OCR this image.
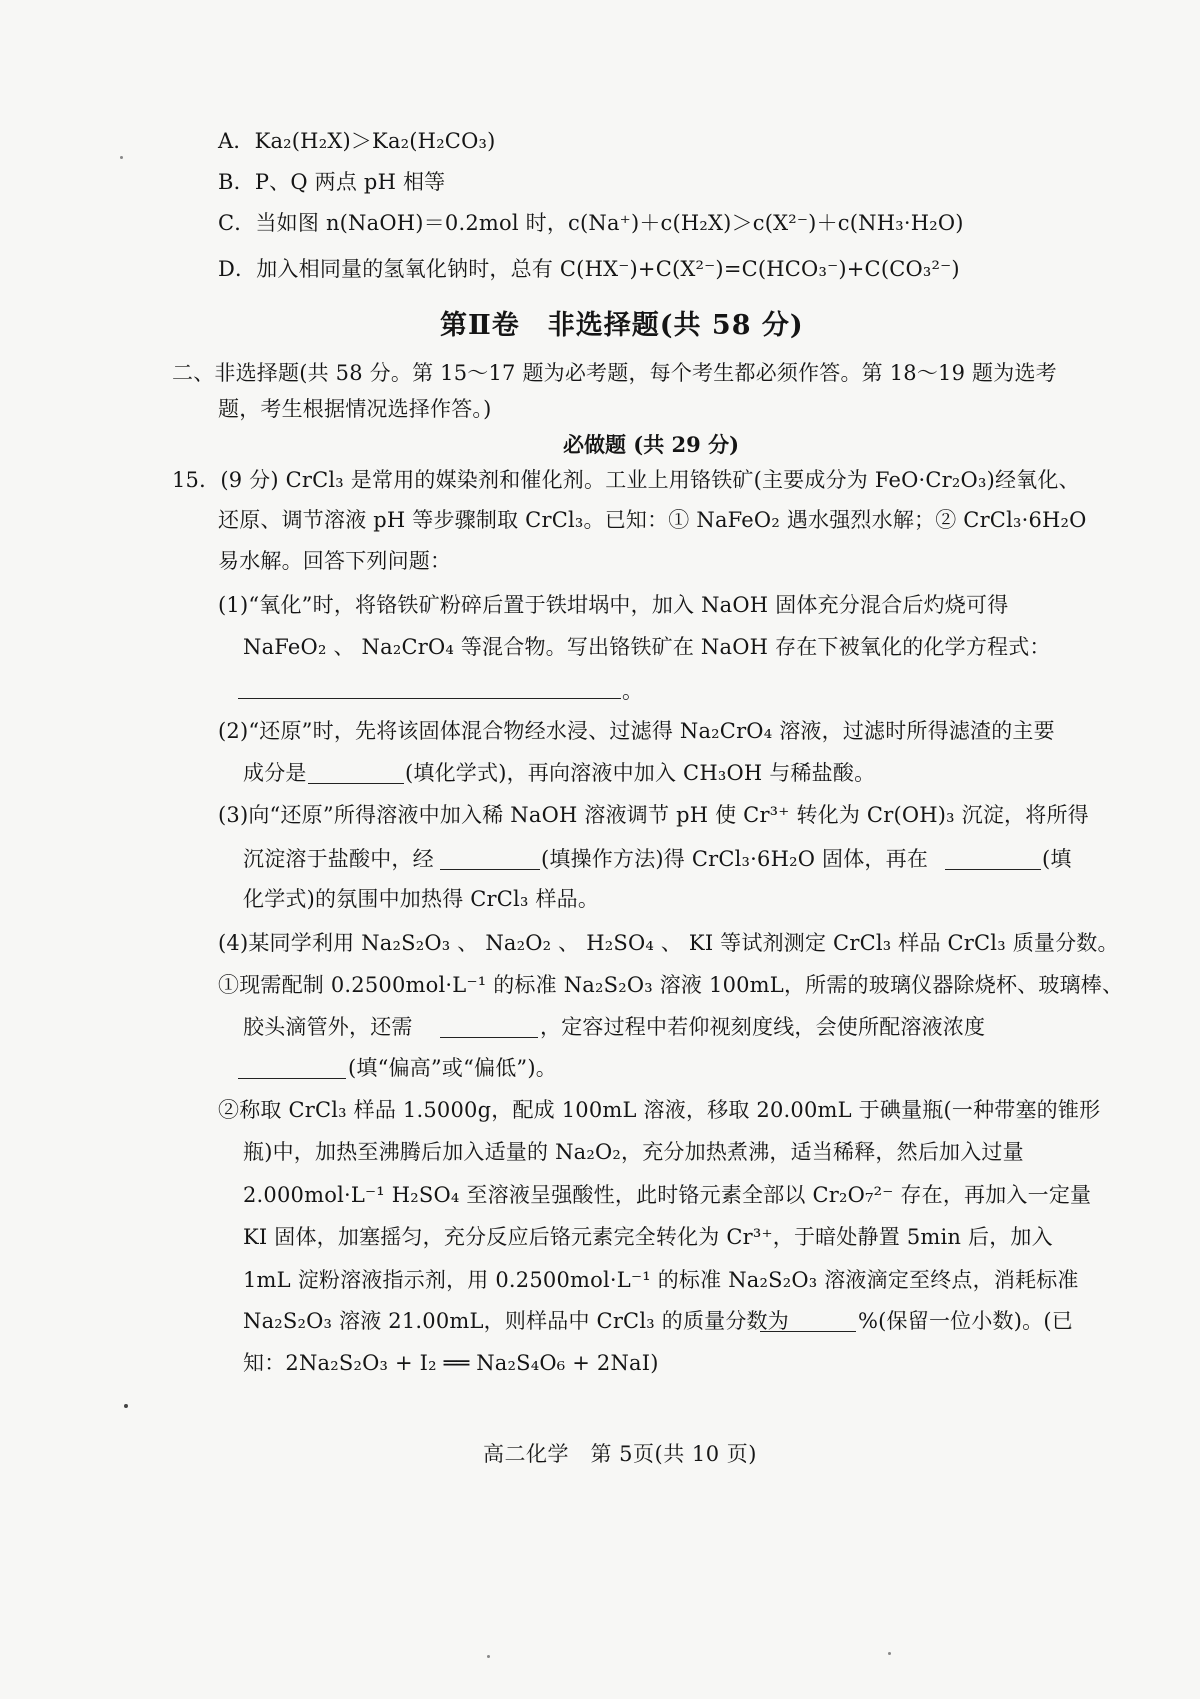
A．Ka₂(H₂X)＞Ka₂(H₂CO₃)
B．P、Q 两点 pH 相等
C．当如图 n(NaOH)＝0.2mol 时，c(Na⁺)＋c(H₂X)＞c(X²⁻)＋c(NH₃·H₂O)
D．加入相同量的氢氧化钠时，总有 C(HX⁻)+C(X²⁻)=C(HCO₃⁻)+C(CO₃²⁻)
第Ⅱ卷　非选择题(共 58 分)
二、非选择题(共 58 分。第 15～17 题为必考题，每个考生都必须作答。第 18～19 题为选考
题，考生根据情况选择作答。)
必做题 (共 29 分)
15．(9 分) CrCl₃ 是常用的媒染剂和催化剂。工业上用铬铁矿(主要成分为 FeO·Cr₂O₃)经氧化、
还原、调节溶液 pH 等步骤制取 CrCl₃。已知：① NaFeO₂ 遇水强烈水解；② CrCl₃·6H₂O
易水解。回答下列问题：
(1)“氧化”时，将铬铁矿粉碎后置于铁坩埚中，加入 NaOH 固体充分混合后灼烧可得
NaFeO₂ 、 Na₂CrO₄ 等混合物。写出铬铁矿在 NaOH 存在下被氧化的化学方程式：
。
(2)“还原”时，先将该固体混合物经水浸、过滤得 Na₂CrO₄ 溶液，过滤时所得滤渣的主要
成分是	(填化学式)，再向溶液中加入 CH₃OH 与稀盐酸。
(3)向“还原”所得溶液中加入稀 NaOH 溶液调节 pH 使 Cr³⁺ 转化为 Cr(OH)₃ 沉淀，将所得
沉淀溶于盐酸中，经	(填操作方法)得 CrCl₃·6H₂O 固体，再在	(填
化学式)的氛围中加热得 CrCl₃ 样品。
(4)某同学利用 Na₂S₂O₃ 、 Na₂O₂ 、 H₂SO₄ 、 KI 等试剂测定 CrCl₃ 样品 CrCl₃ 质量分数。
①现需配制 0.2500mol·L⁻¹ 的标准 Na₂S₂O₃ 溶液 100mL，所需的玻璃仪器除烧杯、玻璃棒、
胶头滴管外，还需	，定容过程中若仰视刻度线，会使所配溶液浓度
(填“偏高”或“偏低”)。
②称取 CrCl₃ 样品 1.5000g，配成 100mL 溶液，移取 20.00mL 于碘量瓶(一种带塞的锥形
瓶)中，加热至沸腾后加入适量的 Na₂O₂，充分加热煮沸，适当稀释，然后加入过量
2.000mol·L⁻¹ H₂SO₄ 至溶液呈强酸性，此时铬元素全部以 Cr₂O₇²⁻ 存在，再加入一定量
KI 固体，加塞摇匀，充分反应后铬元素完全转化为 Cr³⁺，于暗处静置 5min 后，加入
1mL 淀粉溶液指示剂，用 0.2500mol·L⁻¹ 的标准 Na₂S₂O₃ 溶液滴定至终点，消耗标准
Na₂S₂O₃ 溶液 21.00mL，则样品中 CrCl₃ 的质量分数为	%(保留一位小数)。(已
知：2Na₂S₂O₃ + I₂ ══ Na₂S₄O₆ + 2NaI)
高二化学　第 5页(共 10 页)
